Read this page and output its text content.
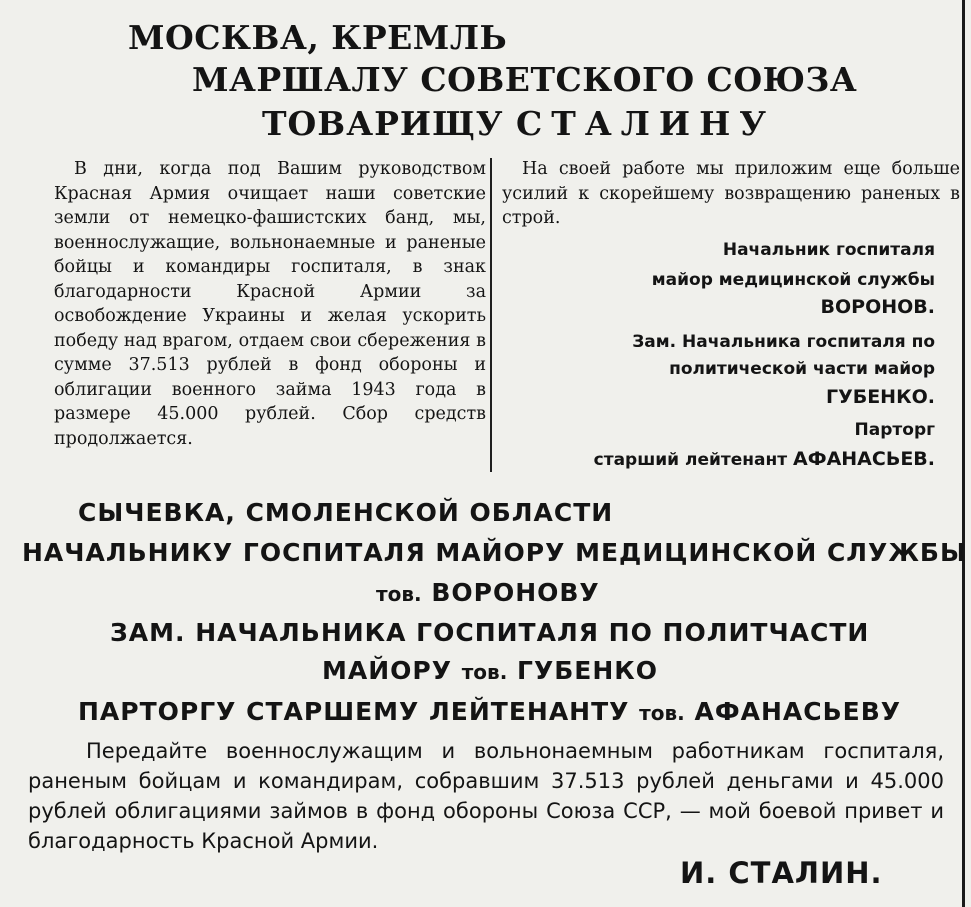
МОСКВА, КРЕМЛЬ
МАРШАЛУ СОВЕТСКОГО СОЮЗА
ТОВАРИЩУ СТАЛИНУ

В дни, когда под Вашим руководством Красная Армия очищает наши советские земли от немецко-фашистских банд, мы, военнослужащие, вольнонаемные и раненые бойцы и командиры госпиталя, в знак благодарности Красной Армии за освобождение Украины и желая ускорить победу над врагом, отдаем свои сбережения в сумме 37.513 рублей в фонд обороны и облигации военного займа 1943 года в размере 45.000 рублей. Сбор средств продолжается.

На своей работе мы приложим еще больше усилий к скорейшему возвращению раненых в строй.

Начальник госпиталя
майор медицинской службы
ВОРОНОВ.
Зам. Начальника госпиталя по
политической части майор
ГУБЕНКО.
Парторг
старший лейтенант АФАНАСЬЕВ.
СЫЧЕВКА, СМОЛЕНСКОЙ ОБЛАСТИ
НАЧАЛЬНИКУ ГОСПИТАЛЯ МАЙОРУ МЕДИЦИНСКОЙ СЛУЖБЫ
тов. ВОРОНОВУ
ЗАМ. НАЧАЛЬНИКА ГОСПИТАЛЯ ПО ПОЛИТЧАСТИ
МАЙОРУ тов. ГУБЕНКО
ПАРТОРГУ СТАРШЕМУ ЛЕЙТЕНАНТУ тов. АФАНАСЬЕВУ

Передайте военнослужащим и вольнонаемным работникам госпиталя, раненым бойцам и командирам, собравшим 37.513 рублей деньгами и 45.000 рублей облигациями займов в фонд обороны Союза ССР, — мой боевой привет и благодарность Красной Армии.

И. СТАЛИН.
